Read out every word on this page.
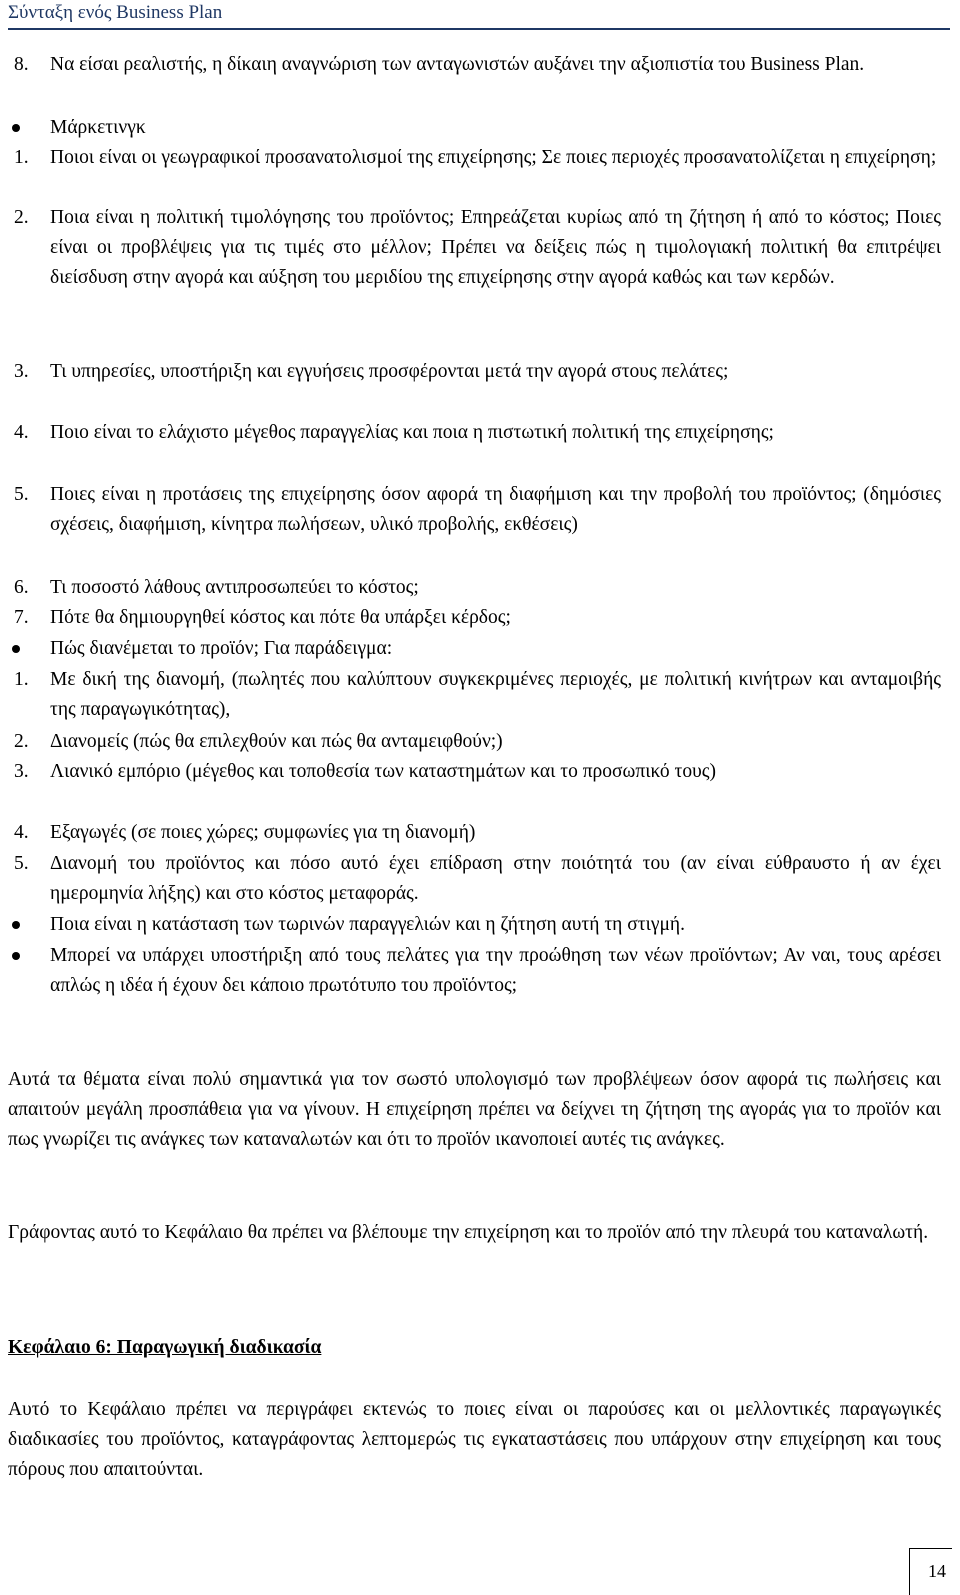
Σύνταξη ενός Business Plan
8.	Να είσαι ρεαλιστής, η δίκαιη αναγνώριση των ανταγωνιστών αυξάνει την αξιοπιστία του Business Plan.
Μάρκετινγκ
1.	Ποιοι είναι οι γεωγραφικοί προσανατολισμοί της επιχείρησης; Σε ποιες περιοχές προσανατολίζεται η επιχείρηση;
2.	Ποια είναι η πολιτική τιμολόγησης του προϊόντος; Επηρεάζεται κυρίως από τη ζήτηση ή από το κόστος; Ποιες είναι οι προβλέψεις για τις τιμές στο μέλλον; Πρέπει να δείξεις πώς η τιμολογιακή πολιτική θα επιτρέψει διείσδυση στην αγορά και αύξηση του μεριδίου της επιχείρησης στην αγορά καθώς και των κερδών.
3.	Τι υπηρεσίες, υποστήριξη και εγγυήσεις προσφέρονται μετά την αγορά στους πελάτες;
4.	Ποιο είναι το ελάχιστο μέγεθος παραγγελίας και ποια η πιστωτική πολιτική της επιχείρησης;
5.	Ποιες είναι η προτάσεις της επιχείρησης όσον αφορά τη διαφήμιση και την προβολή του προϊόντος; (δημόσιες σχέσεις, διαφήμιση, κίνητρα πωλήσεων, υλικό προβολής, εκθέσεις)
6.	Τι ποσοστό λάθους αντιπροσωπεύει το κόστος;
7.	Πότε θα δημιουργηθεί κόστος και πότε θα υπάρξει κέρδος;
Πώς διανέμεται το προϊόν; Για παράδειγμα:
1.	Με δική της διανομή, (πωλητές που καλύπτουν συγκεκριμένες περιοχές, με πολιτική κινήτρων και ανταμοιβής της παραγωγικότητας),
2.	Διανομείς (πώς θα επιλεχθούν και πώς θα ανταμειφθούν;)
3.	Λιανικό εμπόριο (μέγεθος και τοποθεσία των καταστημάτων και το προσωπικό τους)
4.	Εξαγωγές (σε ποιες χώρες; συμφωνίες για τη διανομή)
5.	Διανομή του προϊόντος και πόσο αυτό έχει επίδραση στην ποιότητά του (αν είναι εύθραυστο ή αν έχει ημερομηνία λήξης) και στο κόστος μεταφοράς.
Ποια είναι η κατάσταση των τωρινών παραγγελιών και η ζήτηση αυτή τη στιγμή.
Μπορεί να υπάρχει υποστήριξη από τους πελάτες για την προώθηση των νέων προϊόντων; Αν ναι, τους αρέσει απλώς η ιδέα ή έχουν δει κάποιο πρωτότυπο του προϊόντος;
Αυτά τα θέματα είναι πολύ σημαντικά για τον σωστό υπολογισμό των προβλέψεων όσον αφορά τις πωλήσεις και απαιτούν μεγάλη προσπάθεια για να γίνουν. Η επιχείρηση πρέπει να δείχνει τη ζήτηση της αγοράς για το προϊόν και πως γνωρίζει τις ανάγκες των καταναλωτών και ότι το προϊόν ικανοποιεί αυτές τις ανάγκες.
Γράφοντας αυτό το Κεφάλαιο θα πρέπει να βλέπουμε την επιχείρηση και το προϊόν από την πλευρά του καταναλωτή.
Κεφάλαιο 6: Παραγωγική διαδικασία
Αυτό το Κεφάλαιο πρέπει να περιγράφει εκτενώς το ποιες είναι οι παρούσες και οι μελλοντικές παραγωγικές διαδικασίες του προϊόντος, καταγράφοντας λεπτομερώς τις εγκαταστάσεις που υπάρχουν στην επιχείρηση και τους πόρους που απαιτούνται.
14
